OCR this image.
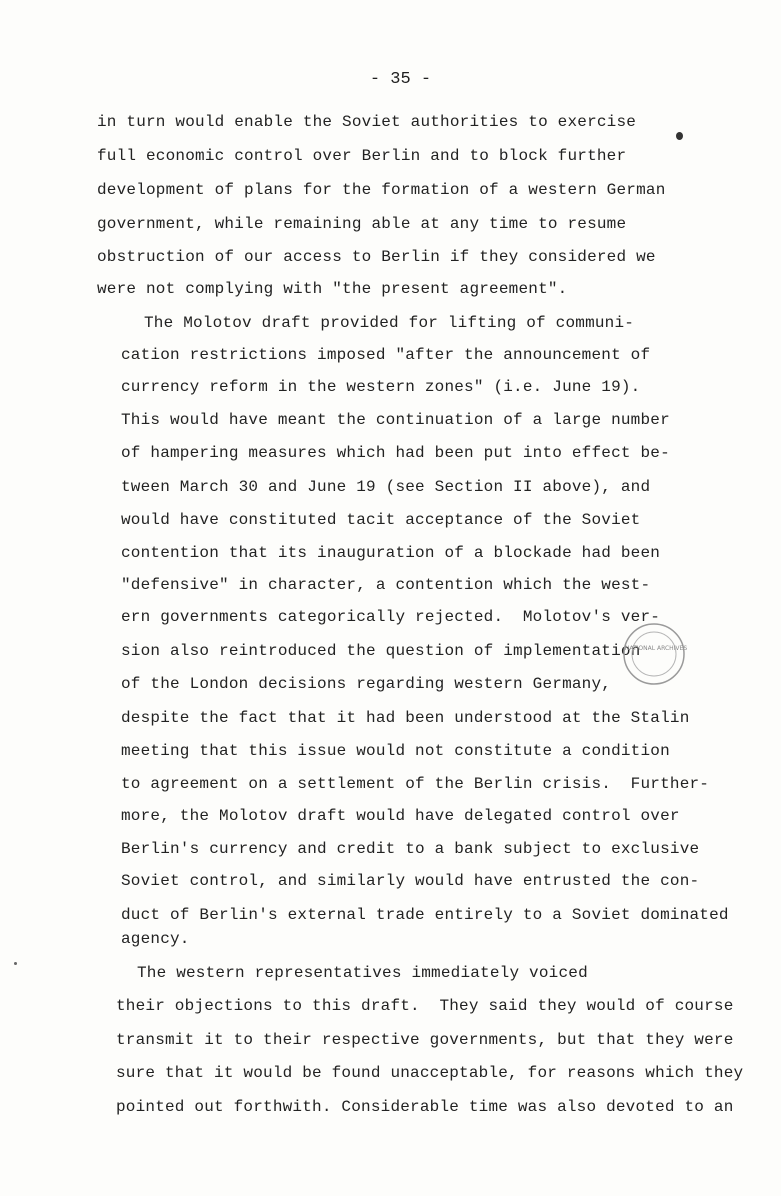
- 35 -
in turn would enable the Soviet authorities to exercise
full economic control over Berlin and to block further
development of plans for the formation of a western German
government, while remaining able at any time to resume
obstruction of our access to Berlin if they considered we
were not complying with "the present agreement".
The Molotov draft provided for lifting of communi-
cation restrictions imposed "after the announcement of
currency reform in the western zones" (i.e. June 19).
This would have meant the continuation of a large number
of hampering measures which had been put into effect be-
tween March 30 and June 19 (see Section II above), and
would have constituted tacit acceptance of the Soviet
contention that its inauguration of a blockade had been
"defensive" in character, a contention which the west-
ern governments categorically rejected.  Molotov's ver-
sion also reintroduced the question of implementation
of the London decisions regarding western Germany,
despite the fact that it had been understood at the Stalin
meeting that this issue would not constitute a condition
to agreement on a settlement of the Berlin crisis.  Further-
more, the Molotov draft would have delegated control over
Berlin's currency and credit to a bank subject to exclusive
Soviet control, and similarly would have entrusted the con-
duct of Berlin's external trade entirely to a Soviet dominated
agency.
The western representatives immediately voiced
their objections to this draft.  They said they would of course
transmit it to their respective governments, but that they were
sure that it would be found unacceptable, for reasons which they
pointed out forthwith. Considerable time was also devoted to an
NATIONAL ARCHIVES
